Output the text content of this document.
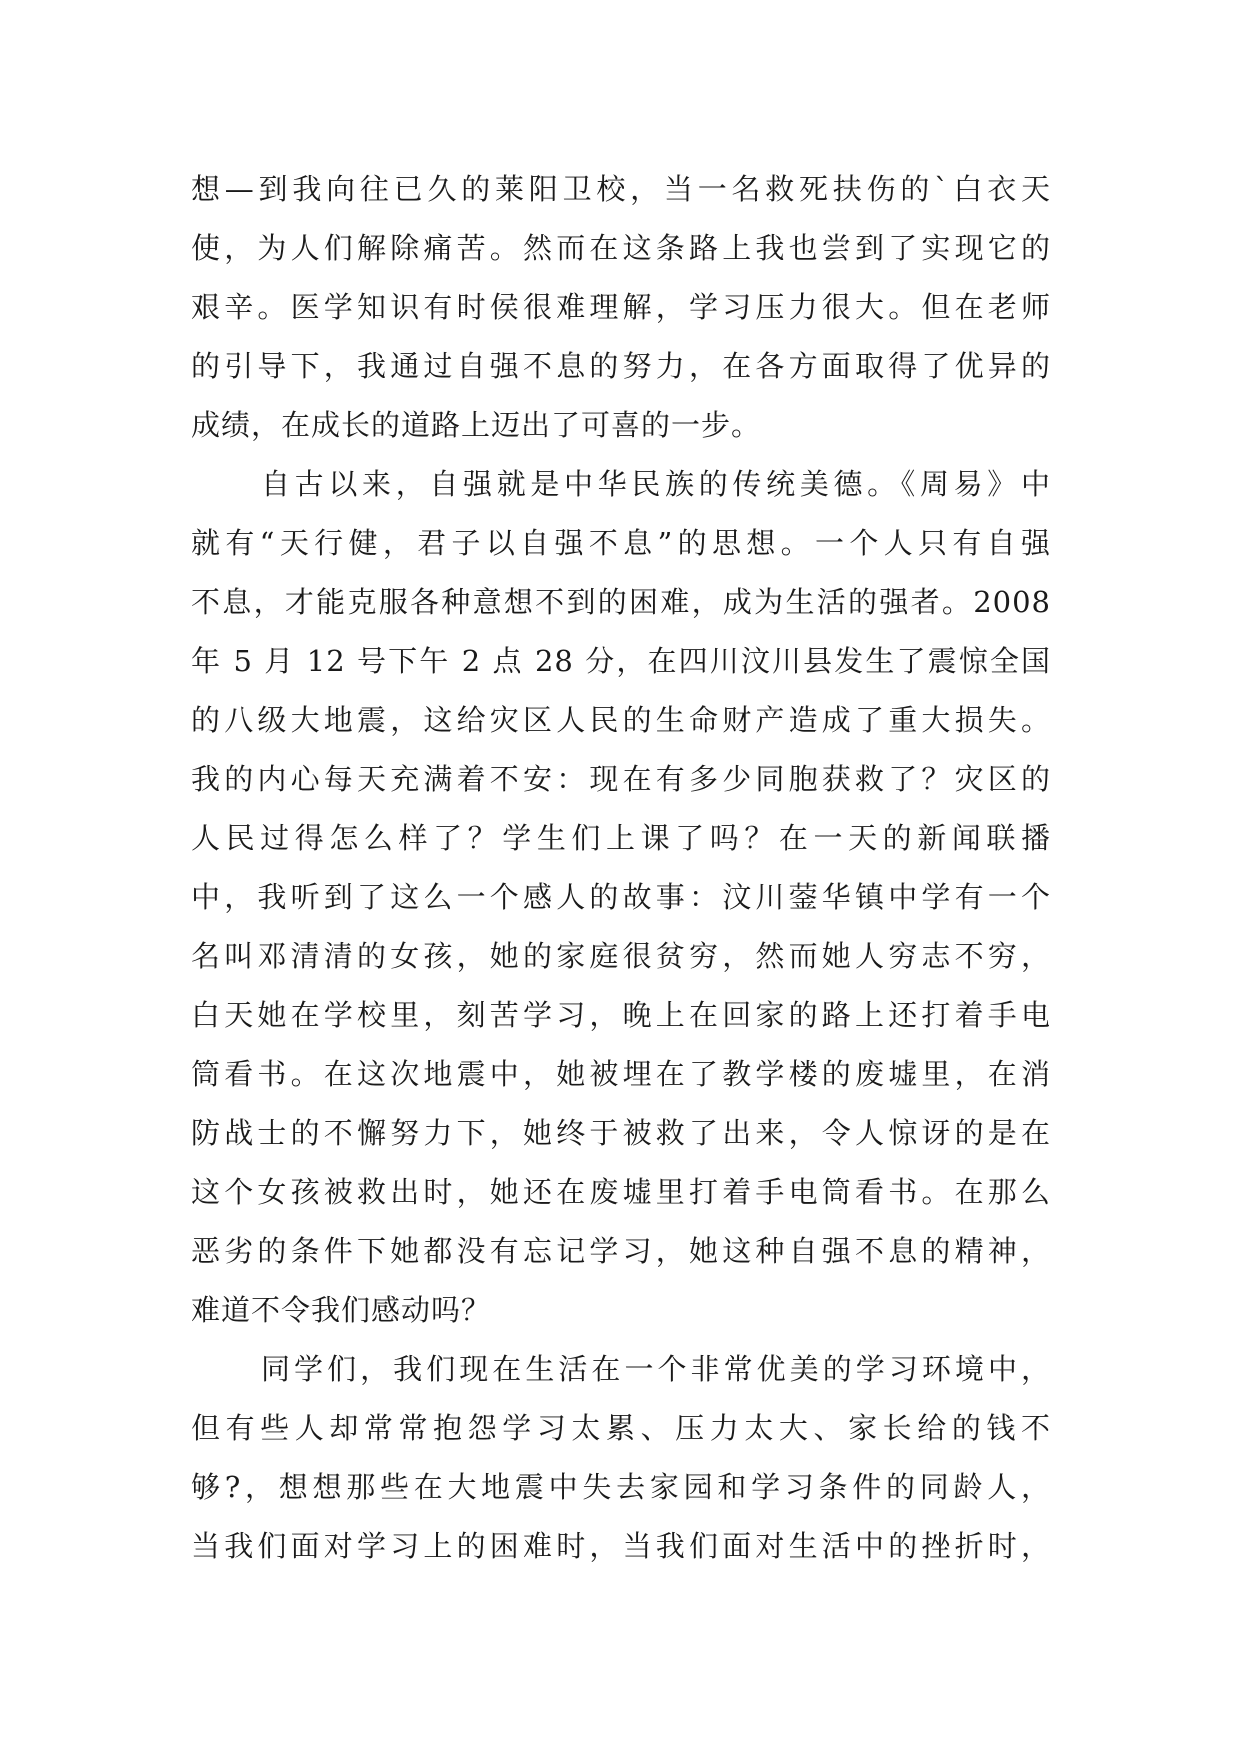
想—到我向往已久的莱阳卫校，当一名救死扶伤的`白衣天
使，为人们解除痛苦。然而在这条路上我也尝到了实现它的
艰辛。医学知识有时侯很难理解，学习压力很大。但在老师
的引导下，我通过自强不息的努力，在各方面取得了优异的
成绩，在成长的道路上迈出了可喜的一步。
自古以来，自强就是中华民族的传统美德。《周易》中
就有“天行健，君子以自强不息”的思想。一个人只有自强
不息，才能克服各种意想不到的困难，成为生活的强者。2008
年 5 月 12 号下午 2 点 28 分，在四川汶川县发生了震惊全国
的八级大地震，这给灾区人民的生命财产造成了重大损失。
我的内心每天充满着不安：现在有多少同胞获救了？灾区的
人民过得怎么样了？学生们上课了吗？在一天的新闻联播
中，我听到了这么一个感人的故事：汶川蓥华镇中学有一个
名叫邓清清的女孩，她的家庭很贫穷，然而她人穷志不穷，
白天她在学校里，刻苦学习，晚上在回家的路上还打着手电
筒看书。在这次地震中，她被埋在了教学楼的废墟里，在消
防战士的不懈努力下，她终于被救了出来，令人惊讶的是在
这个女孩被救出时，她还在废墟里打着手电筒看书。在那么
恶劣的条件下她都没有忘记学习，她这种自强不息的精神，
难道不令我们感动吗？
同学们，我们现在生活在一个非常优美的学习环境中，
但有些人却常常抱怨学习太累、压力太大、家长给的钱不
够?，想想那些在大地震中失去家园和学习条件的同龄人，
当我们面对学习上的困难时，当我们面对生活中的挫折时，
